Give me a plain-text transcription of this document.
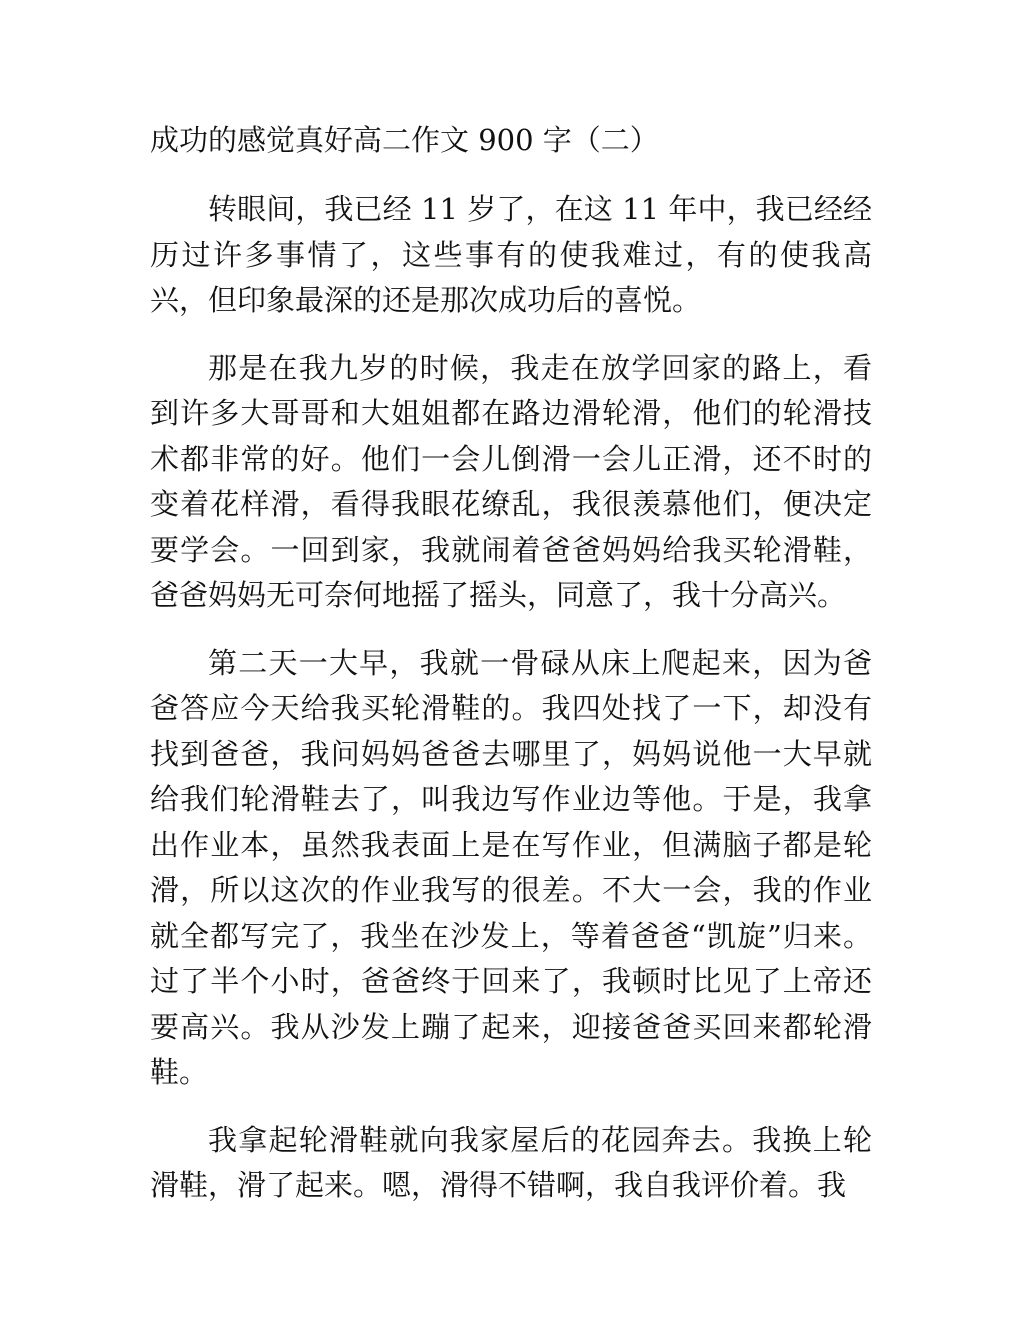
成功的感觉真好高二作文 900 字（二）

转眼间，我已经 11 岁了，在这 11 年中，我已经经历过许多事情了，这些事有的使我难过，有的使我高兴，但印象最深的还是那次成功后的喜悦。

那是在我九岁的时候，我走在放学回家的路上，看到许多大哥哥和大姐姐都在路边滑轮滑，他们的轮滑技术都非常的好。他们一会儿倒滑一会儿正滑，还不时的变着花样滑，看得我眼花缭乱，我很羡慕他们，便决定要学会。一回到家，我就闹着爸爸妈妈给我买轮滑鞋，爸爸妈妈无可奈何地摇了摇头，同意了，我十分高兴。

第二天一大早，我就一骨碌从床上爬起来，因为爸爸答应今天给我买轮滑鞋的。我四处找了一下，却没有找到爸爸，我问妈妈爸爸去哪里了，妈妈说他一大早就给我们轮滑鞋去了，叫我边写作业边等他。于是，我拿出作业本，虽然我表面上是在写作业，但满脑子都是轮滑，所以这次的作业我写的很差。不大一会，我的作业就全都写完了，我坐在沙发上，等着爸爸“凯旋”归来。过了半个小时，爸爸终于回来了，我顿时比见了上帝还要高兴。我从沙发上蹦了起来，迎接爸爸买回来都轮滑鞋。

我拿起轮滑鞋就向我家屋后的花园奔去。我换上轮滑鞋，滑了起来。嗯，滑得不错啊，我自我评价着。我
